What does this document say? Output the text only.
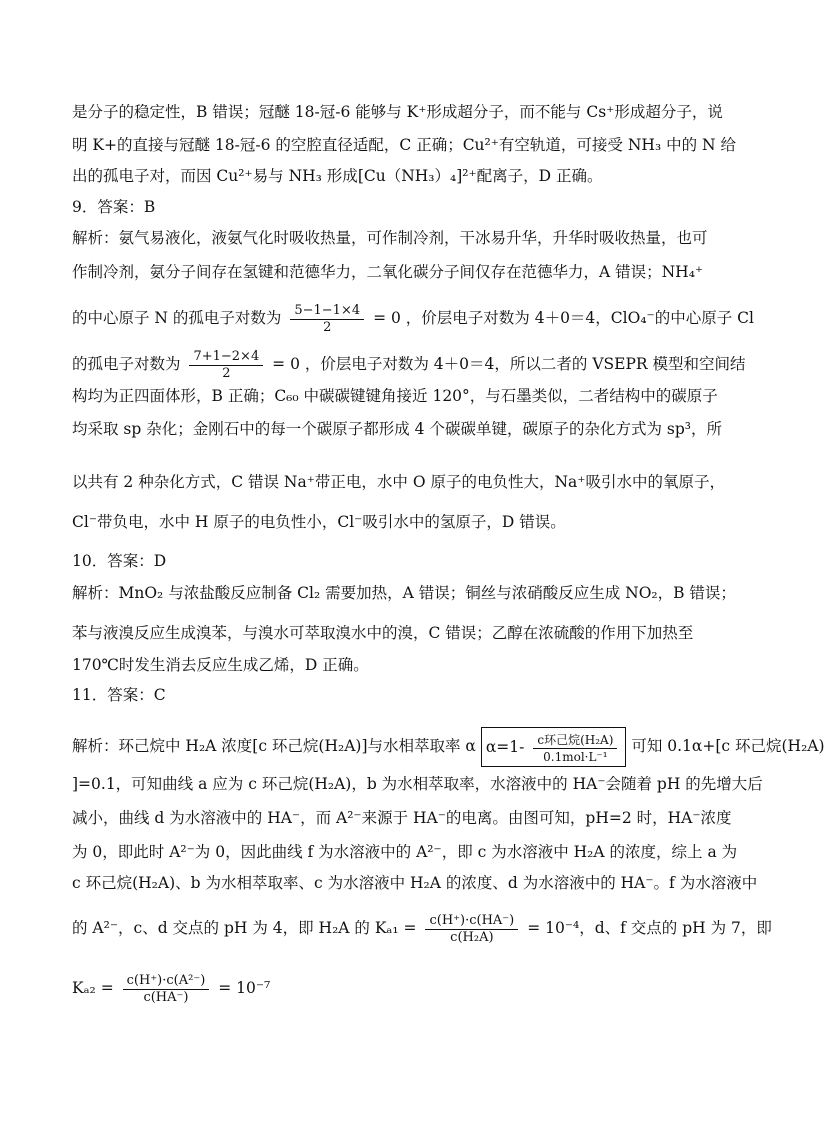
是分子的稳定性，B 错误；冠醚 18-冠-6 能够与 K⁺形成超分子，而不能与 Cs⁺形成超分子，说
明 K+的直接与冠醚 18-冠-6 的空腔直径适配，C 正确；Cu²⁺有空轨道，可接受 NH₃ 中的 N 给
出的孤电子对，而因 Cu²⁺易与 NH₃ 形成[Cu（NH₃）₄]²⁺配离子，D 正确。
9．答案：B
解析：氨气易液化，液氨气化时吸收热量，可作制冷剂，干冰易升华，升华时吸收热量，也可
作制冷剂，氨分子间存在氢键和范德华力，二氧化碳分子间仅存在范德华力，A 错误；NH₄⁺
的中心原子 N 的孤电子对数为 $\frac{5-1-1\times 4}{2} = 0$ ，价层电子对数为 4＋0＝4，ClO₄⁻的中心原子 Cl
的孤电子对数为 $\frac{7+1-2\times 4}{2} = 0$ ，价层电子对数为 4＋0＝4，所以二者的 VSEPR 模型和空间结
构均为正四面体形，B 正确；C₆₀ 中碳碳键键角接近 120°，与石墨类似，二者结构中的碳原子
均采取 sp 杂化；金刚石中的每一个碳原子都形成 4 个碳碳单键，碳原子的杂化方式为 sp³，所
以共有 2 种杂化方式，C 错误 Na⁺带正电，水中 O 原子的电负性大，Na⁺吸引水中的氧原子，
Cl⁻带负电，水中 H 原子的电负性小，Cl⁻吸引水中的氢原子，D 错误。
10．答案：D
解析：MnO₂ 与浓盐酸反应制备 Cl₂ 需要加热，A 错误；铜丝与浓硝酸反应生成 NO₂，B 错误；
苯与液溴反应生成溴苯，与溴水可萃取溴水中的溴，C 错误；乙醇在浓硫酸的作用下加热至
170℃时发生消去反应生成乙烯，D 正确。
11．答案：C
解析：环己烷中 H₂A 浓度[c 环己烷(H₂A)]与水相萃取率 α $\alpha=1- \frac{\text{c环己烷(H₂A)}}{\text{0.1mol·L⁻¹}}$ 可知 0.1α+[c 环己烷(H₂A)
]=0.1，可知曲线 a 应为 c 环己烷(H₂A)，b 为水相萃取率，水溶液中的 HA⁻会随着 pH 的先增大后
减小，曲线 d 为水溶液中的 HA⁻，而 A²⁻来源于 HA⁻的电离。由图可知，pH=2 时，HA⁻浓度
为 0，即此时 A²⁻为 0，因此曲线 f 为水溶液中的 A²⁻，即 c 为水溶液中 H₂A 的浓度，综上 a 为
c 环己烷(H₂A)、b 为水相萃取率、c 为水溶液中 H₂A 的浓度、d 为水溶液中的 HA⁻。f 为水溶液中
的 A²⁻，c、d 交点的 pH 为 4，即 H₂A 的 $K_{a1} = \frac{c(H^+)\cdot c(HA^-)}{\text{c(H₂A)}} = 10^{-4}$，d、f 交点的 pH 为 7，即
$K_{a2} = \frac{\text{c(H⁺)·c(A²⁻)}}{c(HA^-)} = 10^{-7}$
